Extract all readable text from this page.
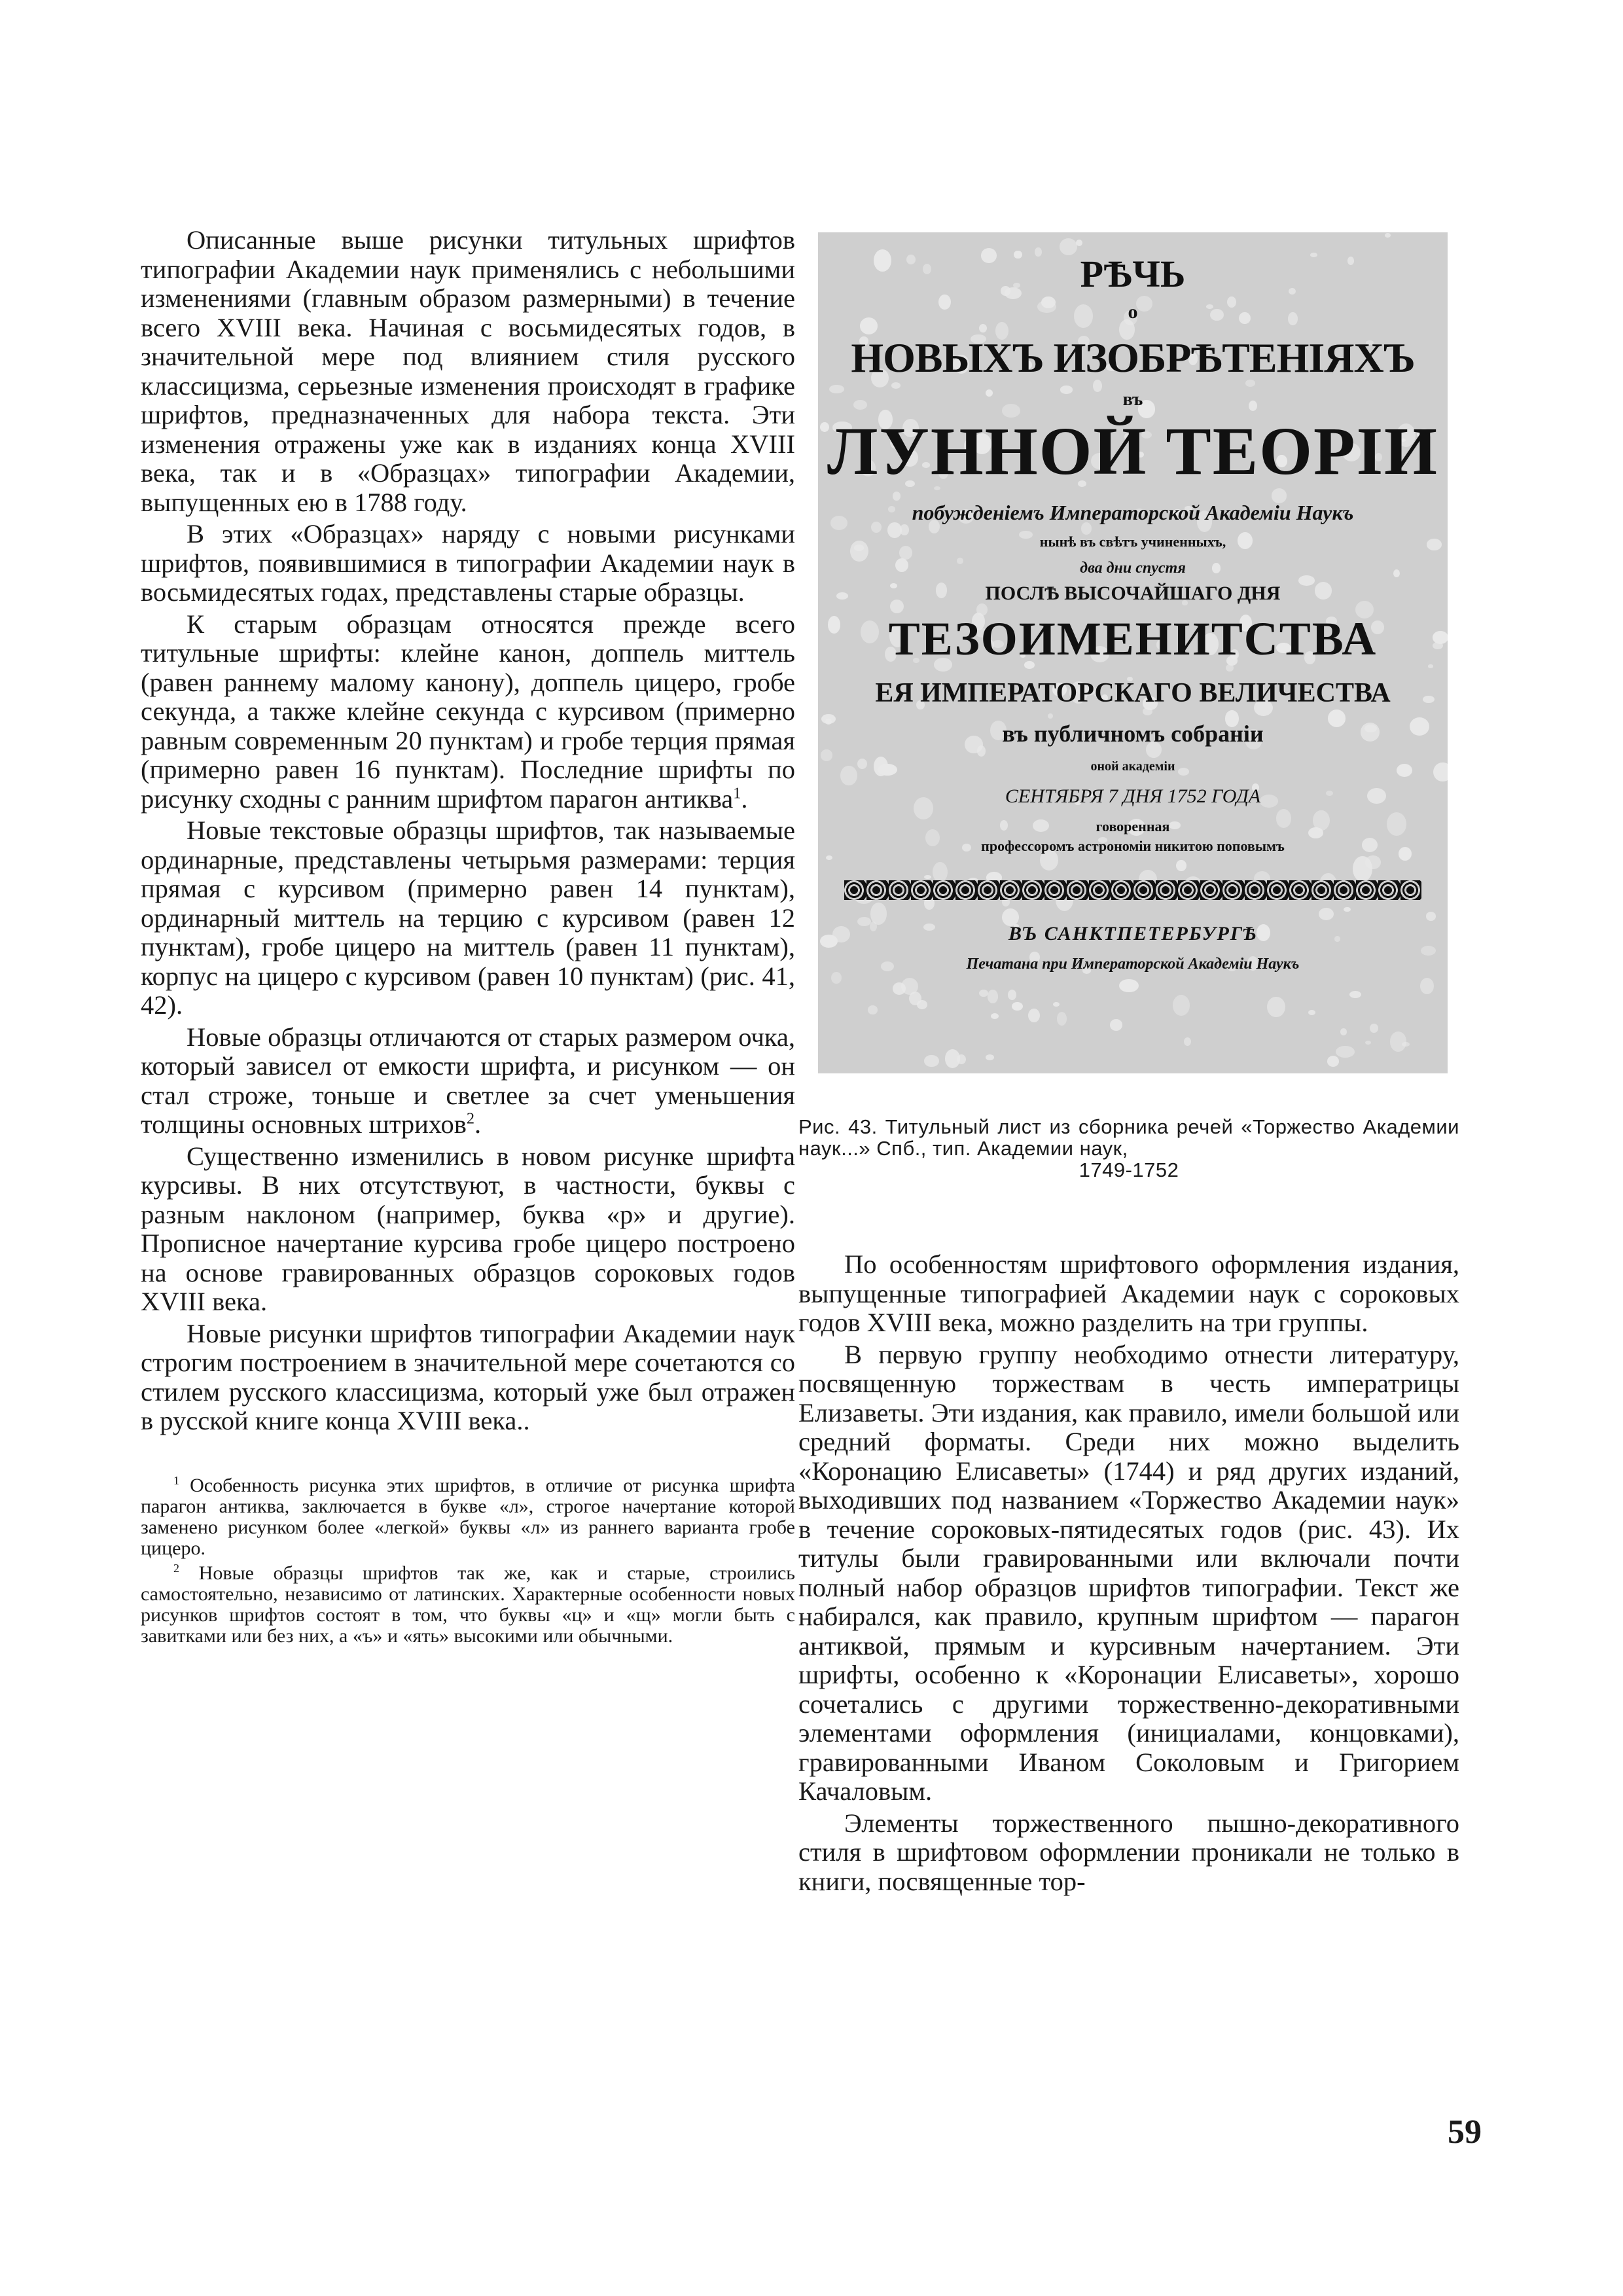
Описанные выше рисунки титульных шрифтов типографии Академии наук применялись с небольшими изменениями (главным образом размерными) в течение всего XVIII века. Начиная с восьмидесятых годов, в значительной мере под влиянием стиля русского классицизма, серьезные изменения происходят в графике шрифтов, предназначенных для набора текста. Эти изменения отражены уже как в изданиях конца XVIII века, так и в «Образцах» типографии Академии, выпущенных ею в 1788 году.

В этих «Образцах» наряду с новыми рисунками шрифтов, появившимися в типографии Академии наук в восьмидесятых годах, представлены старые образцы.

К старым образцам относятся прежде всего титульные шрифты: клейне канон, доппель миттель (равен раннему малому канону), доппель цицеро, гробе секунда, а также клейне секунда с курсивом (примерно равным современным 20 пунктам) и гробе терция прямая (примерно равен 16 пунктам). Последние шрифты по рисунку сходны с ранним шрифтом парагон антиква$^1$.

Новые текстовые образцы шрифтов, так называемые ординарные, представлены четырьмя размерами: терция прямая с курсивом (примерно равен 14 пунктам), ординарный миттель на терцию с курсивом (равен 12 пунктам), гробе цицеро на миттель (равен 11 пунктам), корпус на цицеро с курсивом (равен 10 пунктам) (рис. 41, 42).

Новые образцы отличаются от старых размером очка, который зависел от емкости шрифта, и рисунком — он стал строже, тоньше и светлее за счет уменьшения толщины основных штрихов$^2$.

Существенно изменились в новом рисунке шрифта курсивы. В них отсутствуют, в частности, буквы с разным наклоном (например, буква «р» и другие). Прописное начертание курсива гробе цицеро построено на основе гравированных образцов сороковых годов XVIII века.

Новые рисунки шрифтов типографии Академии наук строгим построением в значительной мере сочетаются со стилем русского классицизма, который уже был отражен в русской книге конца XVIII века..

$^1$ Особенность рисунка этих шрифтов, в отличие от рисунка шрифта парагон антиква, заключается в букве «л», строгое начертание которой заменено рисунком более «легкой» буквы «л» из раннего варианта гробе цицеро.

$^2$ Новые образцы шрифтов так же, как и старые, строились самостоятельно, независимо от латинских. Характерные особенности новых рисунков шрифтов состоят в том, что буквы «ц» и «щ» могли быть с завитками или без них, а «ъ» и «ять» высокими или обычными.

РѢЧЬ
о
НОВЫХЪ ИЗОБРѢТЕНIЯХЪ
въ
ЛУННОЙ ТЕОРIИ
побужденiемъ Императорской Академiи Наукъ
нынѣ въ свѣтъ учиненныхъ,
два дни спустя
ПОСЛѢ ВЫСОЧАЙШАГО ДНЯ
ТЕЗОИМЕНИТСТВА
ЕЯ ИМПЕРАТОРСКАГО ВЕЛИЧЕСТВА
въ публичномъ собранiи
оной академiи
СЕНТЯБРЯ 7 ДНЯ 1752 ГОДА
говоренная
профессоромъ астрономiи никитою поповымъ
ВЪ САНКТПЕТЕРБУРГѢ
Печатана при Императорской Академiи Наукъ
Рис. 43. Титульный лист из сборника речей «Торжество Академии наук...» Спб., тип. Академии наук,
1749-1752

По особенностям шрифтового оформления издания, выпущенные типографией Академии наук с сороковых годов XVIII века, можно разделить на три группы.

В первую группу необходимо отнести литературу, посвященную торжествам в честь императрицы Елизаветы. Эти издания, как правило, имели большой или средний форматы. Среди них можно выделить «Коронацию Елисаветы» (1744) и ряд других изданий, выходивших под названием «Торжество Академии наук» в течение сороковых-пятидесятых годов (рис. 43). Их титулы были гравированными или включали почти полный набор образцов шрифтов типографии. Текст же набирался, как правило, крупным шрифтом — парагон антиквой, прямым и курсивным начертанием. Эти шрифты, особенно к «Коронации Елисаветы», хорошо сочетались с другими торжественно-декоративными элементами оформления (инициалами, концовками), гравированными Иваном Соколовым и Григорием Качаловым.

Элементы торжественного пышно-декоративного стиля в шрифтовом оформлении проникали не только в книги, посвященные тор-

59
